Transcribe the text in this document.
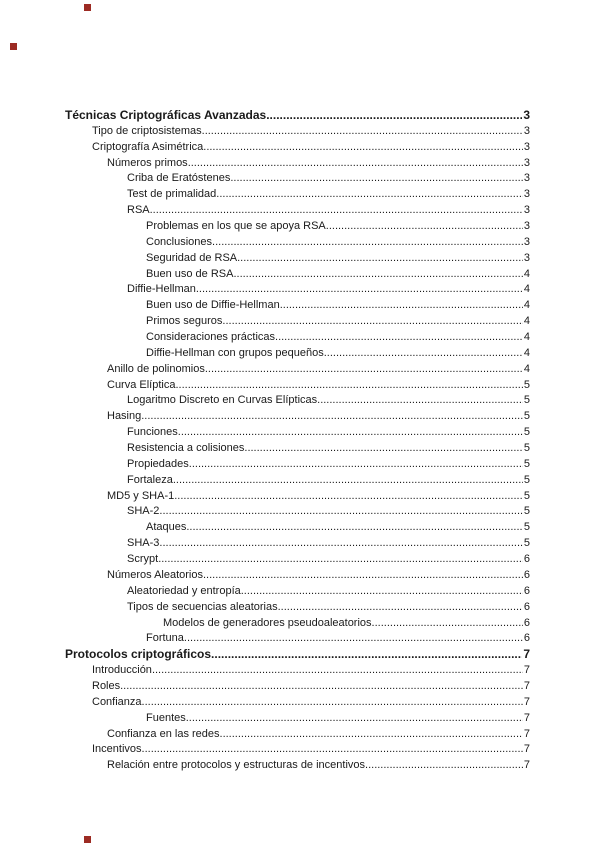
Técnicas Criptográficas Avanzadas .....	3
Tipo de criptosistemas .....	3
Criptografía Asimétrica .....	3
Números primos .....	3
Criba de Eratóstenes .....	3
Test de primalidad .....	3
RSA .....	3
Problemas en los que se apoya RSA .....	3
Conclusiones .....	3
Seguridad de RSA .....	3
Buen uso de RSA .....	4
Diffie-Hellman .....	4
Buen uso de Diffie-Hellman .....	4
Primos seguros .....	4
Consideraciones prácticas .....	4
Diffie-Hellman con grupos pequeños .....	4
Anillo de polinomios .....	4
Curva Elíptica .....	5
Logaritmo Discreto en Curvas Elípticas .....	5
Hasing .....	5
Funciones .....	5
Resistencia a colisiones .....	5
Propiedades .....	5
Fortaleza .....	5
MD5 y SHA-1 .....	5
SHA-2 .....	5
Ataques .....	5
SHA-3 .....	5
Scrypt .....	6
Números Aleatorios .....	6
Aleatoriedad y entropía .....	6
Tipos de secuencias aleatorias .....	6
Modelos de generadores pseudoaleatorios .....	6
Fortuna .....	6
Protocolos criptográficos .....	7
Introducción .....	7
Roles .....	7
Confianza .....	7
Fuentes .....	7
Confianza en las redes .....	7
Incentivos .....	7
Relación entre protocolos y estructuras de incentivos .....	7
